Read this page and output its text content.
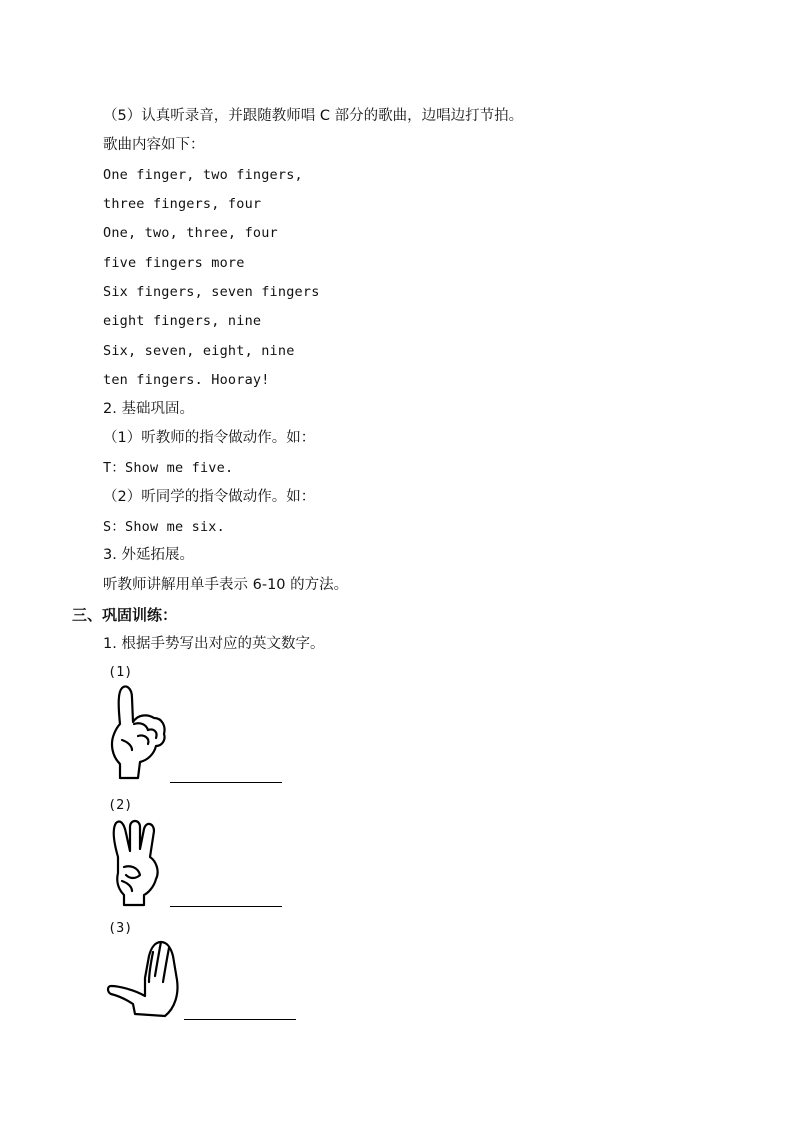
（5）认真听录音，并跟随教师唱 C 部分的歌曲，边唱边打节拍。
歌曲内容如下：
One finger, two fingers,
three fingers, four
One, two, three, four
five fingers more
Six fingers, seven fingers
eight fingers, nine
Six, seven, eight, nine
ten fingers. Hooray!
2. 基础巩固。
（1）听教师的指令做动作。如：
T：Show me five.
（2）听同学的指令做动作。如：
S：Show me six.
3. 外延拓展。
听教师讲解用单手表示 6-10 的方法。
三、巩固训练：
1. 根据手势写出对应的英文数字。
(1)
(2)
(3)
